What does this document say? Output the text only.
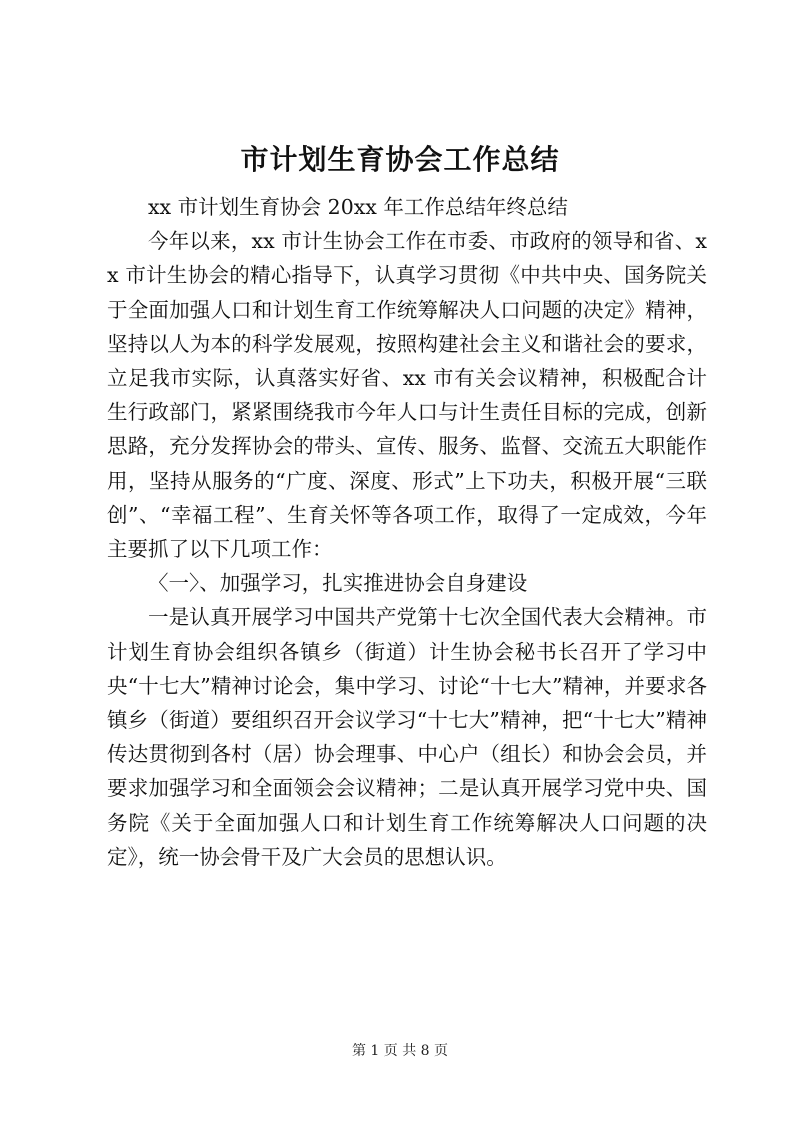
市计划生育协会工作总结

xx 市计划生育协会 20xx 年工作总结年终总结

今年以来，xx 市计生协会工作在市委、市政府的领导和省、xx 市计生协会的精心指导下，认真学习贯彻《中共中央、国务院关于全面加强人口和计划生育工作统筹解决人口问题的决定》精神，坚持以人为本的科学发展观，按照构建社会主义和谐社会的要求，立足我市实际，认真落实好省、xx 市有关会议精神，积极配合计生行政部门，紧紧围绕我市今年人口与计生责任目标的完成，创新思路，充分发挥协会的带头、宣传、服务、监督、交流五大职能作用，坚持从服务的“广度、深度、形式”上下功夫，积极开展“三联创”、“幸福工程”、生育关怀等各项工作，取得了一定成效，今年主要抓了以下几项工作：

〈一〉、加强学习，扎实推进协会自身建设

一是认真开展学习中国共产党第十七次全国代表大会精神。市计划生育协会组织各镇乡（街道）计生协会秘书长召开了学习中央“十七大”精神讨论会，集中学习、讨论“十七大”精神，并要求各镇乡（街道）要组织召开会议学习“十七大”精神，把“十七大”精神传达贯彻到各村（居）协会理事、中心户（组长）和协会会员，并要求加强学习和全面领会会议精神；二是认真开展学习党中央、国务院《关于全面加强人口和计划生育工作统筹解决人口问题的决定》，统一协会骨干及广大会员的思想认识。

第 1 页 共 8 页
